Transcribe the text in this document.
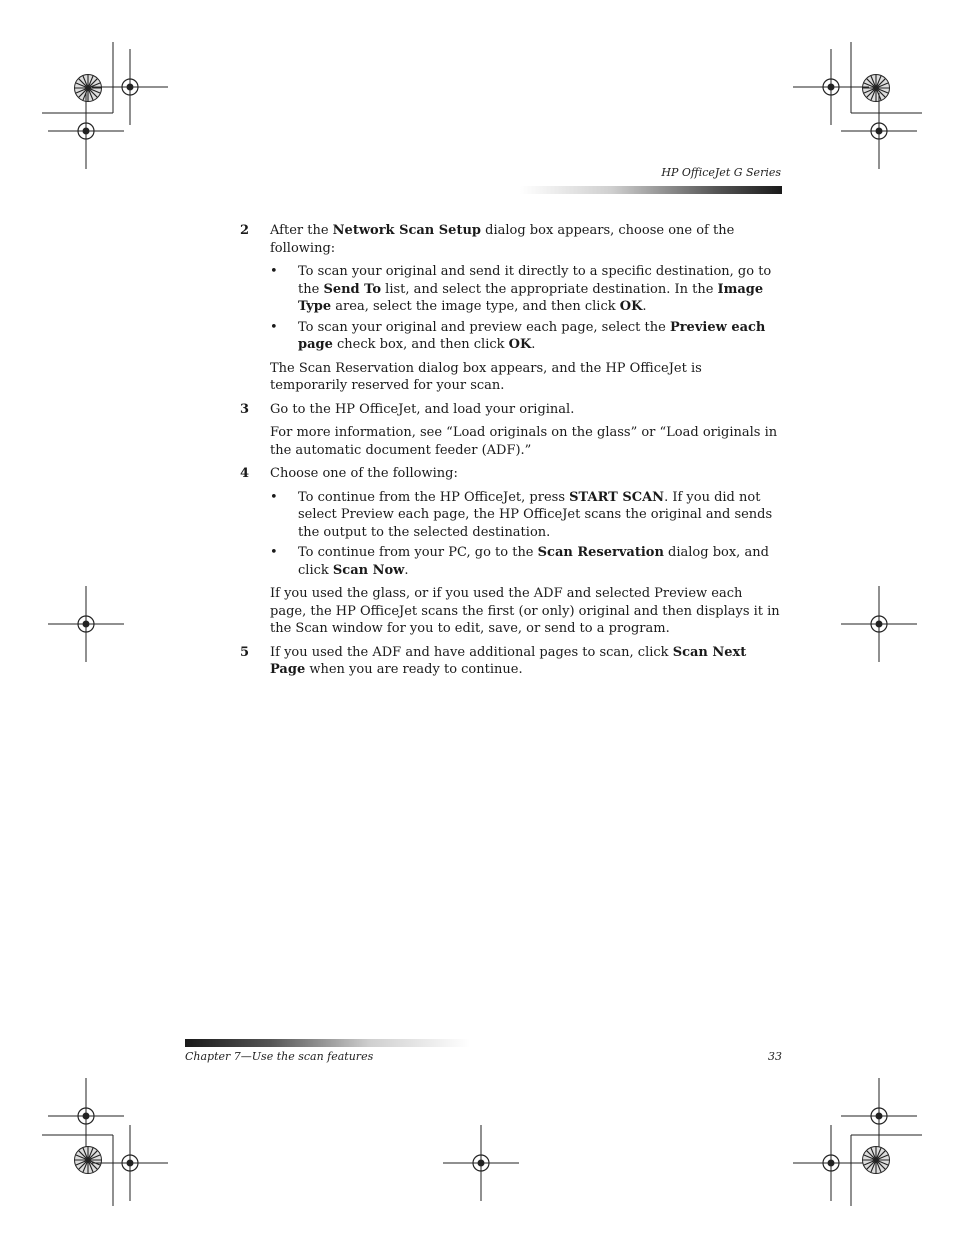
HP OfficeJet G Series
2	After the Network Scan Setup dialog box appears, choose one of the following:

•	To scan your original and send it directly to a specific destination, go to the Send To list, and select the appropriate destination. In the Image Type area, select the image type, and then click OK.
•	To scan your original and preview each page, select the Preview each page check box, and then click OK.

The Scan Reservation dialog box appears, and the HP OfficeJet is temporarily reserved for your scan.

3	Go to the HP OfficeJet, and load your original.

For more information, see “Load originals on the glass” or “Load originals in the automatic document feeder (ADF).”

4	Choose one of the following:

•	To continue from the HP OfficeJet, press START SCAN. If you did not select Preview each page, the HP OfficeJet scans the original and sends the output to the selected destination.
•	To continue from your PC, go to the Scan Reservation dialog box, and click Scan Now.

If you used the glass, or if you used the ADF and selected Preview each page, the HP OfficeJet scans the first (or only) original and then displays it in the Scan window for you to edit, save, or send to a program.

5	If you used the ADF and have additional pages to scan, click Scan Next Page when you are ready to continue.

Chapter 7—Use the scan features	33
